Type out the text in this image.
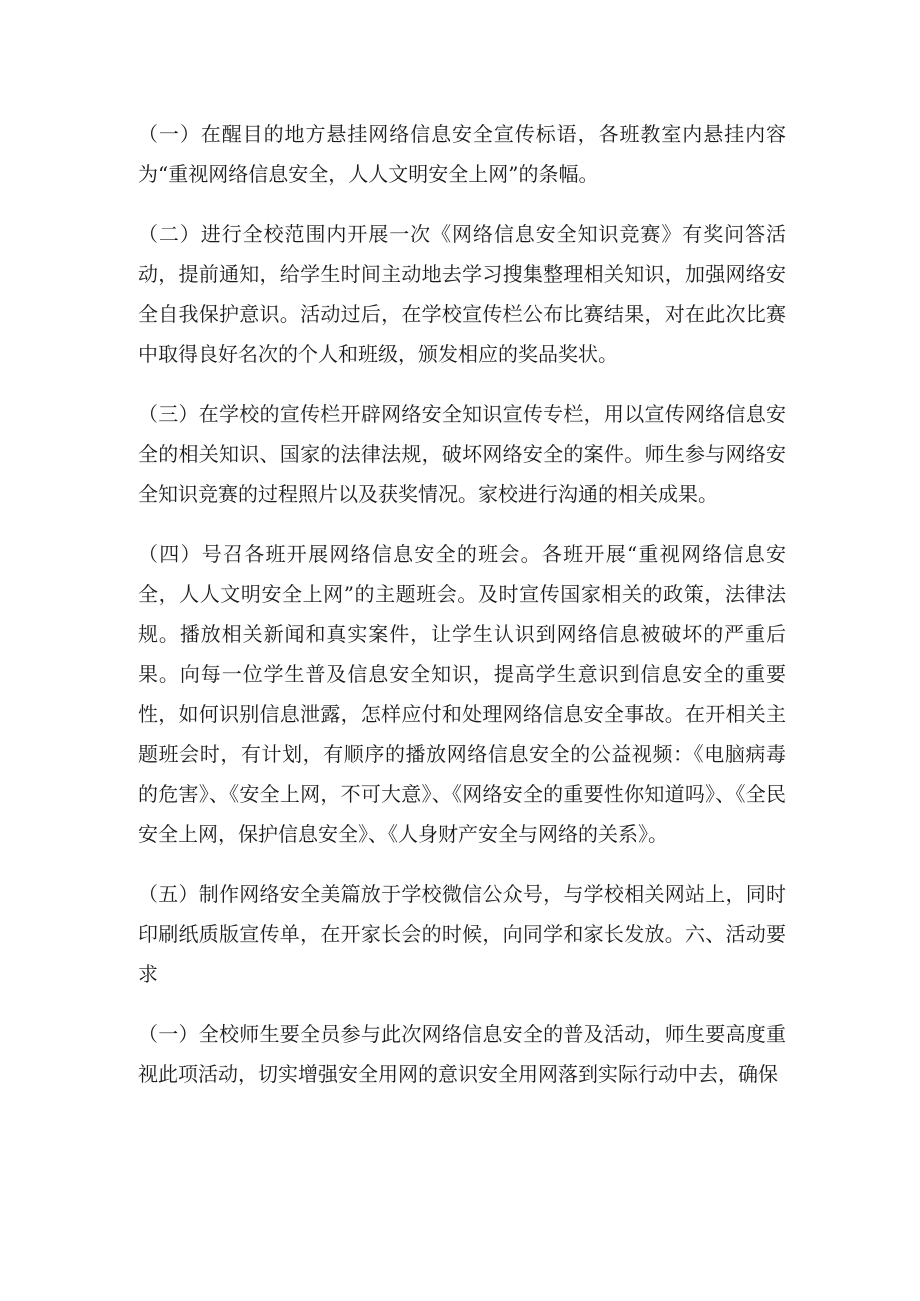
（一）在醒目的地方悬挂网络信息安全宣传标语，各班教室内悬挂内容为“重视网络信息安全，人人文明安全上网”的条幅。

（二）进行全校范围内开展一次《网络信息安全知识竞赛》有奖问答活动，提前通知，给学生时间主动地去学习搜集整理相关知识，加强网络安全自我保护意识。活动过后，在学校宣传栏公布比赛结果，对在此次比赛中取得良好名次的个人和班级，颁发相应的奖品奖状。

（三）在学校的宣传栏开辟网络安全知识宣传专栏，用以宣传网络信息安全的相关知识、国家的法律法规，破坏网络安全的案件。师生参与网络安全知识竞赛的过程照片以及获奖情况。家校进行沟通的相关成果。

（四）号召各班开展网络信息安全的班会。各班开展“重视网络信息安全，人人文明安全上网”的主题班会。及时宣传国家相关的政策，法律法规。播放相关新闻和真实案件，让学生认识到网络信息被破坏的严重后果。向每一位学生普及信息安全知识，提高学生意识到信息安全的重要性，如何识别信息泄露，怎样应付和处理网络信息安全事故。在开相关主题班会时，有计划，有顺序的播放网络信息安全的公益视频：《电脑病毒的危害》、《安全上网，不可大意》、《网络安全的重要性你知道吗》、《全民安全上网，保护信息安全》、《人身财产安全与网络的关系》。

（五）制作网络安全美篇放于学校微信公众号，与学校相关网站上，同时印刷纸质版宣传单，在开家长会的时候，向同学和家长发放。六、活动要求

（一）全校师生要全员参与此次网络信息安全的普及活动，师生要高度重视此项活动，切实增强安全用网的意识安全用网落到实际行动中去，确保
